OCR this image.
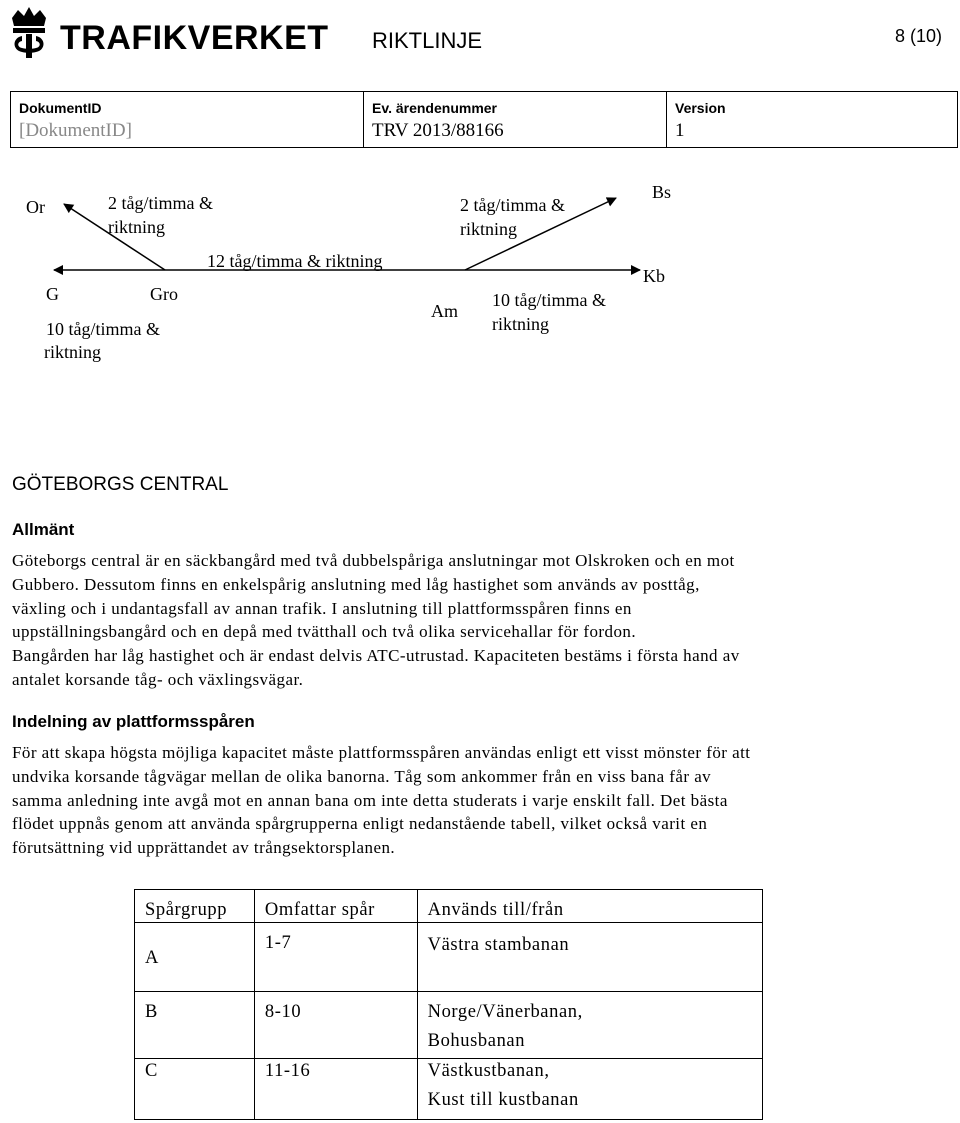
TRAFIKVERKET RIKTLINJE	8 (10)
DokumentID
[DokumentID]
Ev. ärendenummer
TRV 2013/88166
Version
1
Or	2 tåg/timma &
riktning
2 tåg/timma &
riktning
Bs
12 tåg/timma & riktning
Kb
G	Gro
Am
10 tåg/timma &
riktning
10 tåg/timma &
riktning
GÖTEBORGS CENTRAL
Allmänt
Göteborgs central är en säckbangård med två dubbelspåriga anslutningar mot Olskroken och en mot
Gubbero. Dessutom finns en enkelspårig anslutning med låg hastighet som används av posttåg,
växling och i undantagsfall av annan trafik. I anslutning till plattformsspåren finns en
uppställningsbangård och en depå med tvätthall och två olika servicehallar för fordon.
Bangården har låg hastighet och är endast delvis ATC-utrustad. Kapaciteten bestäms i första hand av
antalet korsande tåg- och växlingsvägar.
Indelning av plattformsspåren
För att skapa högsta möjliga kapacitet måste plattformsspåren användas enligt ett visst mönster för att
undvika korsande tågvägar mellan de olika banorna. Tåg som ankommer från en viss bana får av
samma anledning inte avgå mot en annan bana om inte detta studerats i varje enskilt fall. Det bästa
flödet uppnås genom att använda spårgrupperna enligt nedanstående tabell, vilket också varit en
förutsättning vid upprättandet av trångsektorsplanen.
Spårgrupp	Omfattar spår	Används till/från

A	1-7	Västra stambanan

B	8-10	Norge/Vänerbanan,
Bohusbanan

C	11-16	Västkustbanan,
Kust till kustbanan
